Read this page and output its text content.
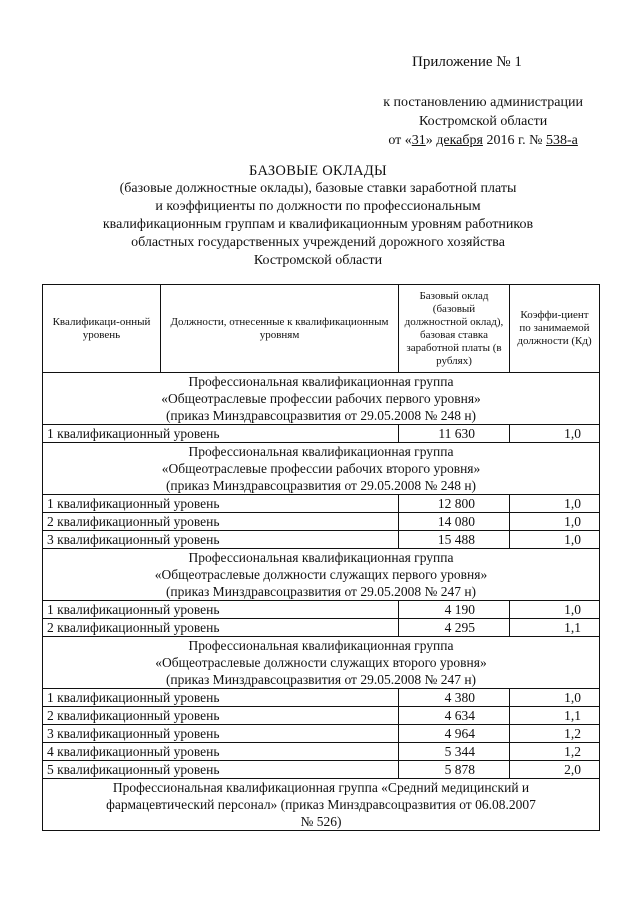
Приложение № 1
к постановлению администрации
Костромской области
от «31» декабря 2016 г. № 538-а
БАЗОВЫЕ ОКЛАДЫ
(базовые должностные оклады), базовые ставки заработной платы
и коэффициенты по должности по профессиональным
квалификационным группам и квалификационным уровням работников
областных государственных учреждений дорожного хозяйства
Костромской области
Квалификаци-онный уровень	Должности, отнесенные к квалификационным уровням	Базовый оклад (базовый должностной оклад), базовая ставка заработной платы (в рублях)	Коэффи-циент по занимаемой должности (Кд)

Профессиональная квалификационная группа
«Общеотраслевые профессии рабочих первого уровня»
(приказ Минздравсоцразвития от 29.05.2008 № 248 н)			

1 квалификационный уровень		11 630	1,0

Профессиональная квалификационная группа
«Общеотраслевые профессии рабочих второго уровня»
(приказ Минздравсоцразвития от 29.05.2008 № 248 н)			

1 квалификационный уровень		12 800	1,0
2 квалификационный уровень		14 080	1,0
3 квалификационный уровень		15 488	1,0

Профессиональная квалификационная группа
«Общеотраслевые должности служащих первого уровня»
(приказ Минздравсоцразвития от 29.05.2008 № 247 н)			

1 квалификационный уровень		4 190	1,0
2 квалификационный уровень		4 295	1,1

Профессиональная квалификационная группа
«Общеотраслевые должности служащих второго уровня»
(приказ Минздравсоцразвития от 29.05.2008 № 247 н)			

1 квалификационный уровень		4 380	1,0
2 квалификационный уровень		4 634	1,1
3 квалификационный уровень		4 964	1,2
4 квалификационный уровень		5 344	1,2
5 квалификационный уровень		5 878	2,0

Профессиональная квалификационная группа «Средний медицинский и
фармацевтический персонал» (приказ Минздравсоцразвития от 06.08.2007
№ 526)			
